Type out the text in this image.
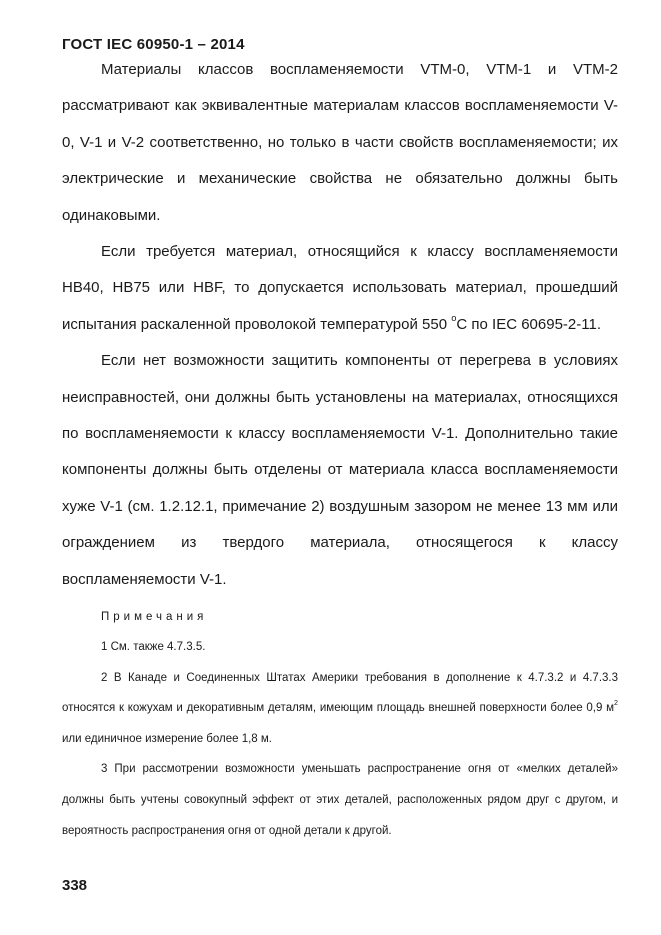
ГОСТ IEC 60950-1 – 2014

Материалы классов воспламеняемости VTM-0, VTM-1 и VTM-2 рассматривают как эквивалентные материалам классов воспламеняемости V-0, V-1 и V-2 соответственно, но только в части свойств воспламеняемости; их электрические и механические свойства не обязательно должны быть одинаковыми.

Если требуется материал, относящийся к классу воспламеняемости HB40, HB75 или HBF, то допускается использовать материал, прошедший испытания раскаленной проволокой температурой 550 $^o$C по IEC 60695-2-11.

Если нет возможности защитить компоненты от перегрева в условиях неисправностей, они должны быть установлены на материалах, относящихся по воспламеняемости к классу воспламеняемости V-1. Дополнительно такие компоненты должны быть отделены от материала класса воспламеняемости хуже V-1 (см. 1.2.12.1, примечание 2) воздушным зазором не менее 13 мм или ограждением из твердого материала, относящегося к классу воспламеняемости V-1.

Примечания

1 См. также 4.7.3.5.

2 В Канаде и Соединенных Штатах Америки требования в дополнение к 4.7.3.2 и 4.7.3.3 относятся к кожухам и декоративным деталям, имеющим площадь внешней поверхности более 0,9 $м^2$ или единичное измерение более 1,8 м.

3 При рассмотрении возможности уменьшать распространение огня от «мелких деталей» должны быть учтены совокупный эффект от этих деталей, расположенных рядом друг с другом, и вероятность распространения огня от одной детали к другой.

338
